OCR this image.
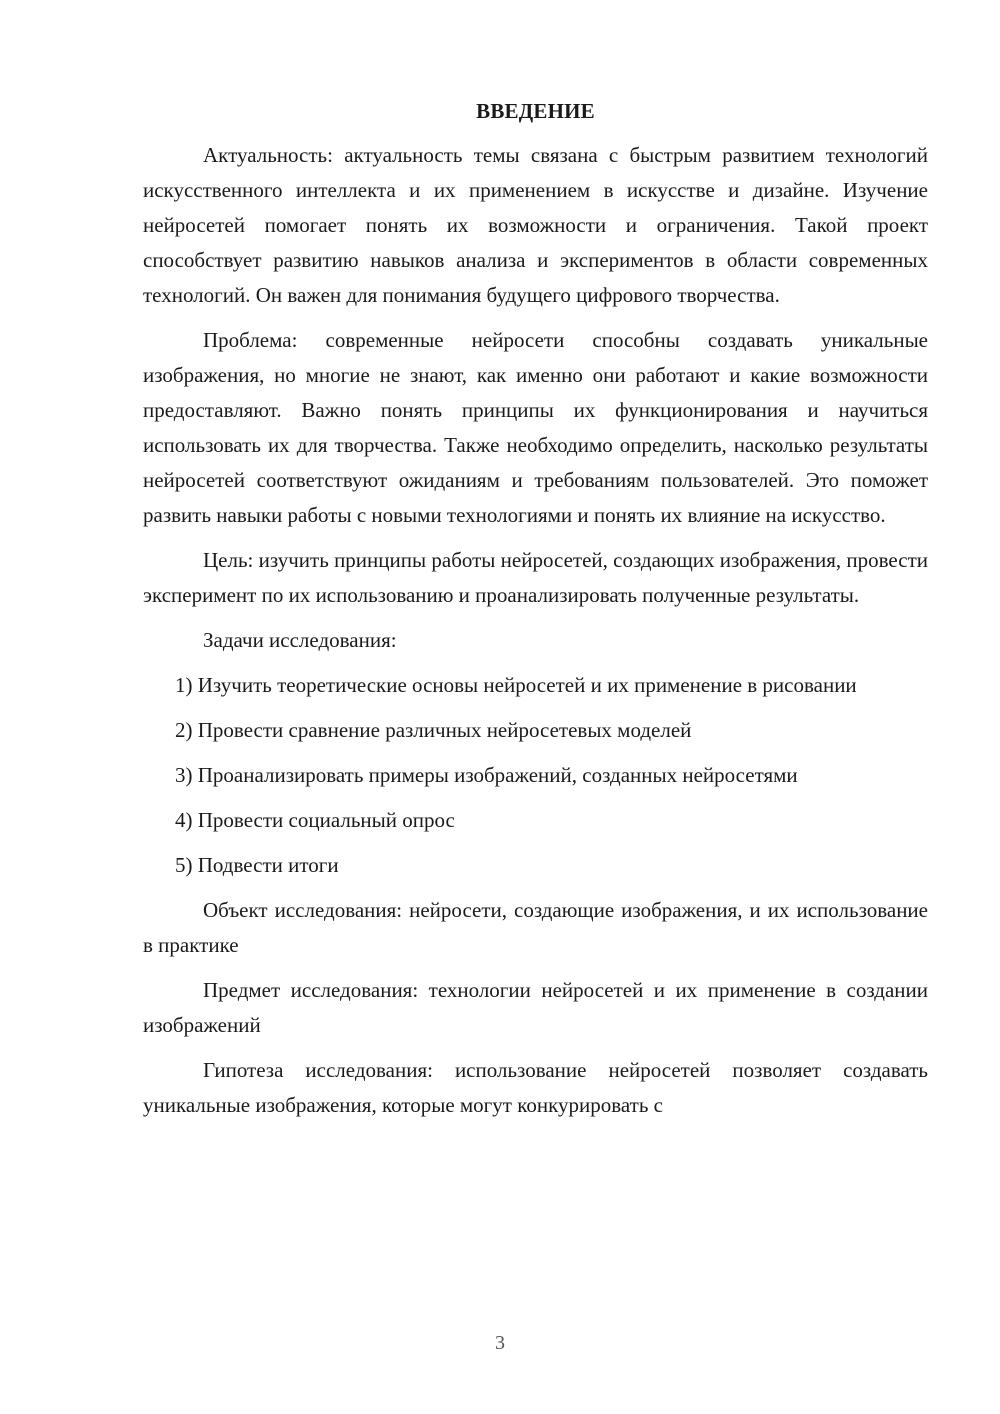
ВВЕДЕНИЕ

Актуальность: актуальность темы связана с быстрым развитием технологий искусственного интеллекта и их применением в искусстве и дизайне. Изучение нейросетей помогает понять их возможности и ограничения. Такой проект способствует развитию навыков анализа и экспериментов в области современных технологий. Он важен для понимания будущего цифрового творчества.

Проблема: современные нейросети способны создавать уникальные изображения, но многие не знают, как именно они работают и какие возможности предоставляют. Важно понять принципы их функционирования и научиться использовать их для творчества. Также необходимо определить, насколько результаты нейросетей соответствуют ожиданиям и требованиям пользователей. Это поможет развить навыки работы с новыми технологиями и понять их влияние на искусство.

Цель: изучить принципы работы нейросетей, создающих изображения, провести эксперимент по их использованию и проанализировать полученные результаты.

Задачи исследования:

1) Изучить теоретические основы нейросетей и их применение в рисовании

2) Провести сравнение различных нейросетевых моделей

3) Проанализировать примеры изображений, созданных нейросетями

4) Провести социальный опрос

5) Подвести итоги

Объект исследования: нейросети, создающие изображения, и их использование в практике

Предмет исследования: технологии нейросетей и их применение в создании изображений

Гипотеза исследования: использование нейросетей позволяет создавать уникальные изображения, которые могут конкурировать с

3
